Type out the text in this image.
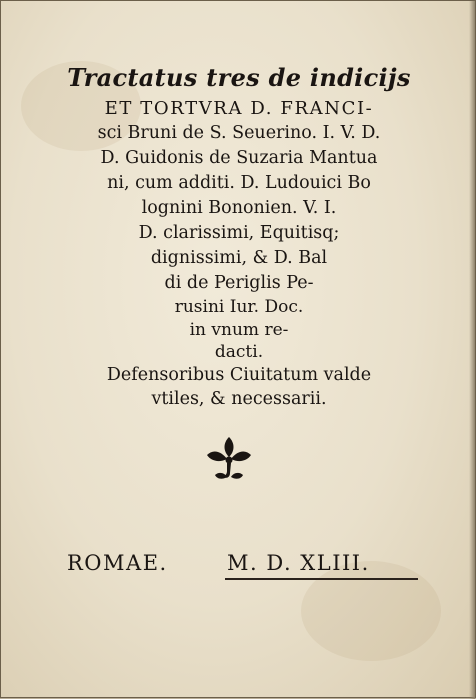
Tractatus tres de indicijs
ET TORTVRA D. FRANCI-
sci Bruni de S. Seuerino. I. V. D.
D. Guidonis de Suzaria Mantua
ni, cum additi. D. Ludouici Bo
lognini Bononien. V. I.
D. clarissimi, Equitisq;
dignissimi, & D. Bal
di de Periglis Pe-
rusini Iur. Doc.
in vnum re-
dacti.
Defensoribus Ciuitatum valde
vtiles, & necessarii.
ROMAE.	M. D. XLIII.
